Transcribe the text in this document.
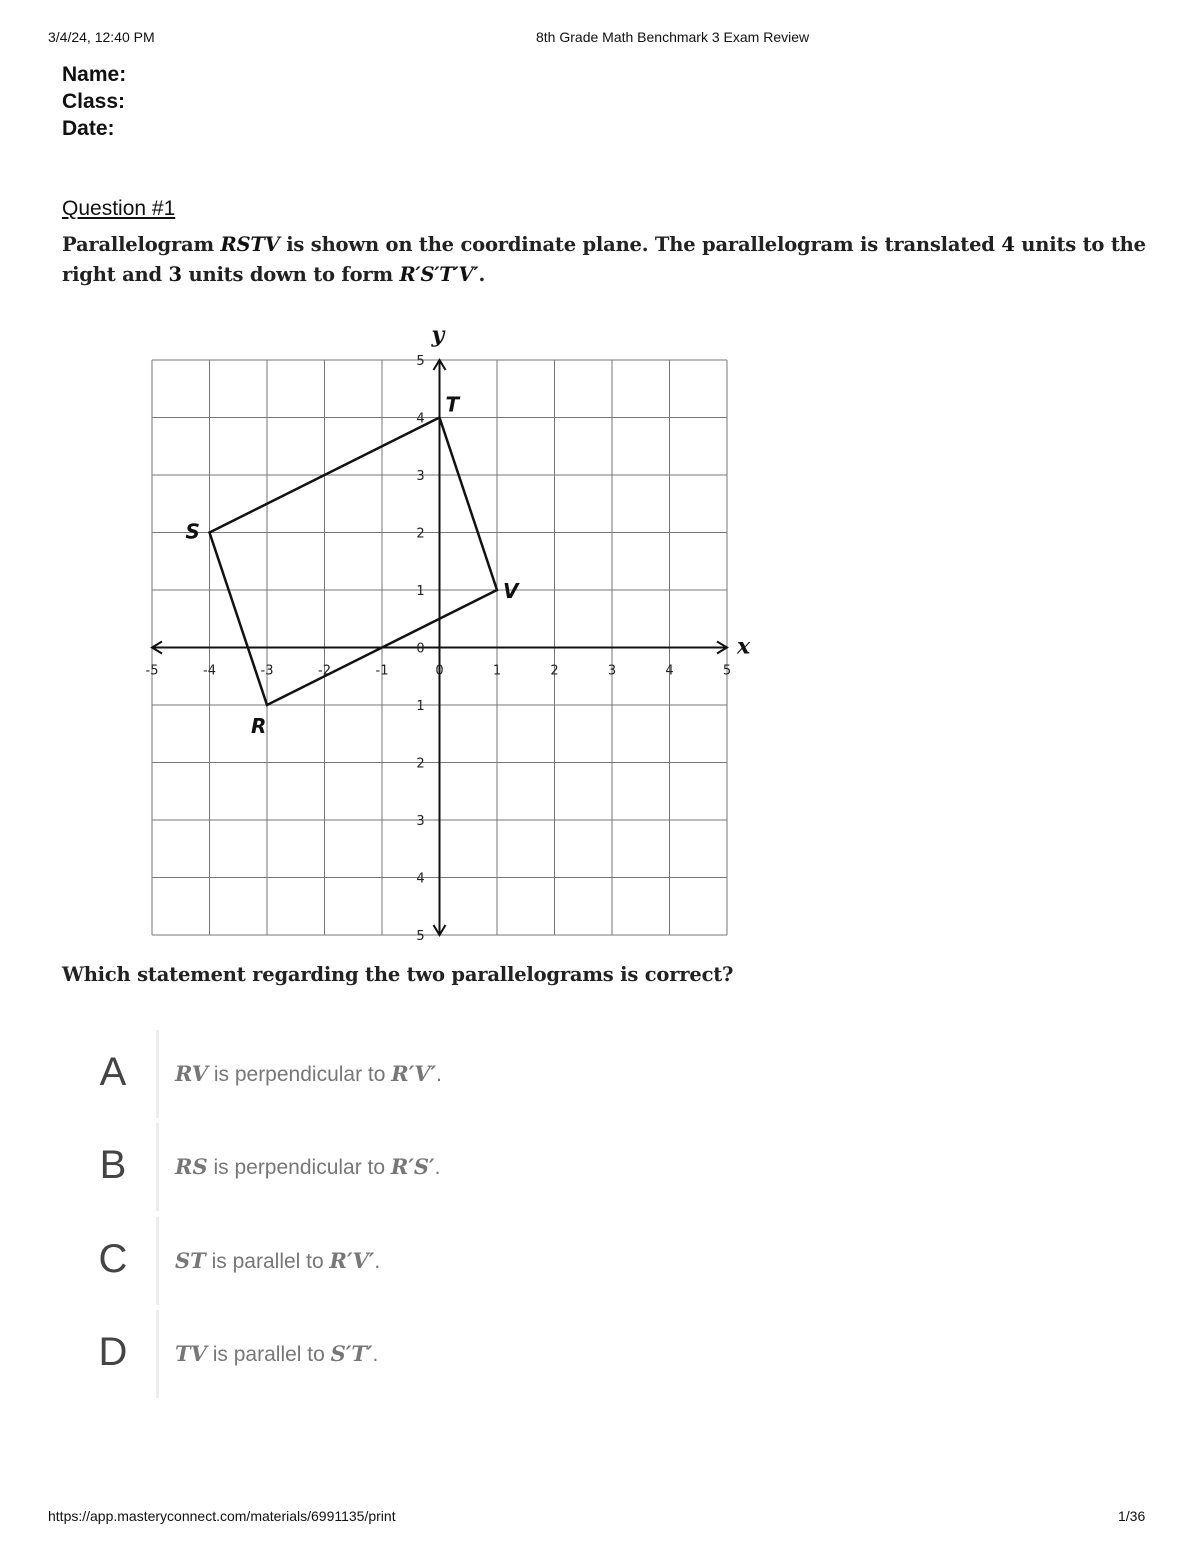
3/4/24, 12:40 PM	8th Grade Math Benchmark 3 Exam Review
Name:
Class:
Date:
Question #1
Parallelogram RSTV is shown on the coordinate plane. The parallelogram is translated 4 units to the
right and 3 units down to form R′S′T′V′.
-5	-4	-3	-2	-1	0	1	2	3	4	5
5
4
3
2
1
1
2
3
4
5
0
R
S
T
V
x
y
Which statement regarding the two parallelograms is correct?
A RV is perpendicular to R′V′.
B RS is perpendicular to R′S′.
C ST is parallel to R′V′.
D TV is parallel to S′T′.
https://app.masteryconnect.com/materials/6991135/print	1/36
